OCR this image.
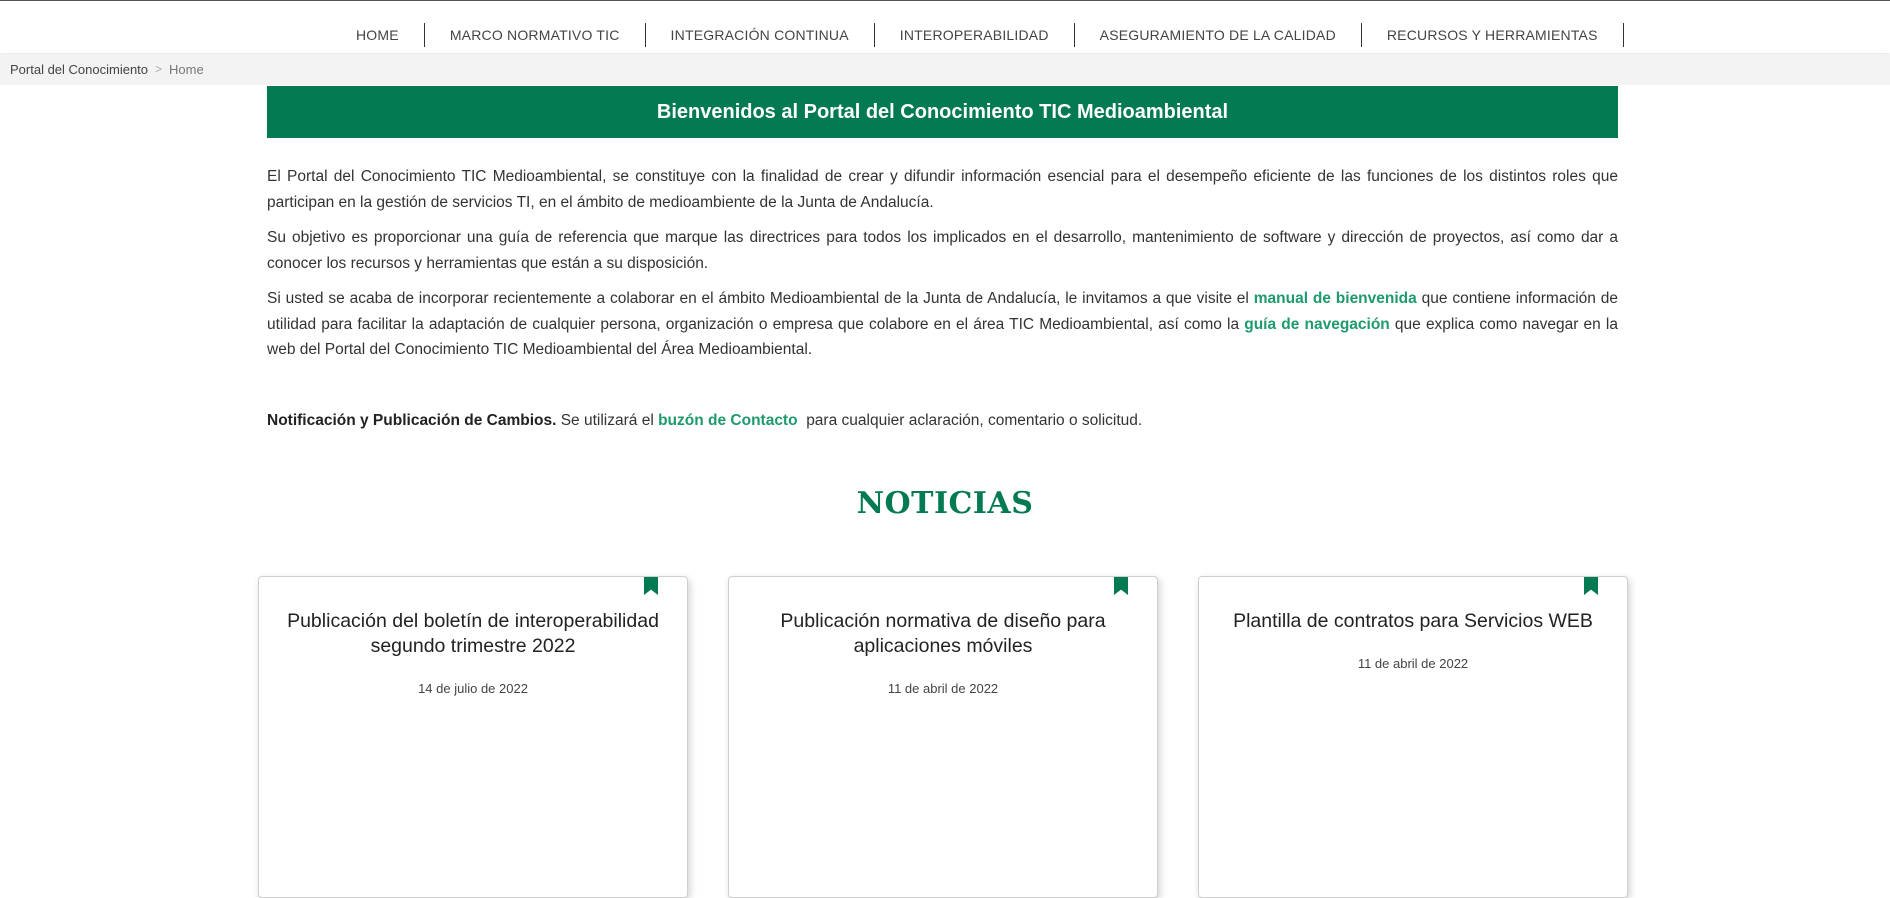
HOME	MARCO NORMATIVO TIC	INTEGRACIÓN CONTINUA	INTEROPERABILIDAD	ASEGURAMIENTO DE LA CALIDAD	RECURSOS Y HERRAMIENTAS
Portal del Conocimiento > Home
Bienvenidos al Portal del Conocimiento TIC Medioambiental

El Portal del Conocimiento TIC Medioambiental, se constituye con la finalidad de crear y difundir información esencial para el desempeño eficiente de las funciones de los distintos roles que participan en la gestión de servicios TI, en el ámbito de medioambiente de la Junta de Andalucía.

Su objetivo es proporcionar una guía de referencia que marque las directrices para todos los implicados en el desarrollo, mantenimiento de software y dirección de proyectos, así como dar a conocer los recursos y herramientas que están a su disposición.

Si usted se acaba de incorporar recientemente a colaborar en el ámbito Medioambiental de la Junta de Andalucía, le invitamos a que visite el manual de bienvenida que contiene información de utilidad para facilitar la adaptación de cualquier persona, organización o empresa que colabore en el área TIC Medioambiental, así como la guía de navegación que explica como navegar en la web del Portal del Conocimiento TIC Medioambiental del Área Medioambiental.

Notificación y Publicación de Cambios. Se utilizará el buzón de Contacto  para cualquier aclaración, comentario o solicitud.

NOTICIAS
Publicación del boletín de interoperabilidad segundo trimestre 2022
14 de julio de 2022
Publicación normativa de diseño para aplicaciones móviles
11 de abril de 2022
Plantilla de contratos para Servicios WEB
11 de abril de 2022
